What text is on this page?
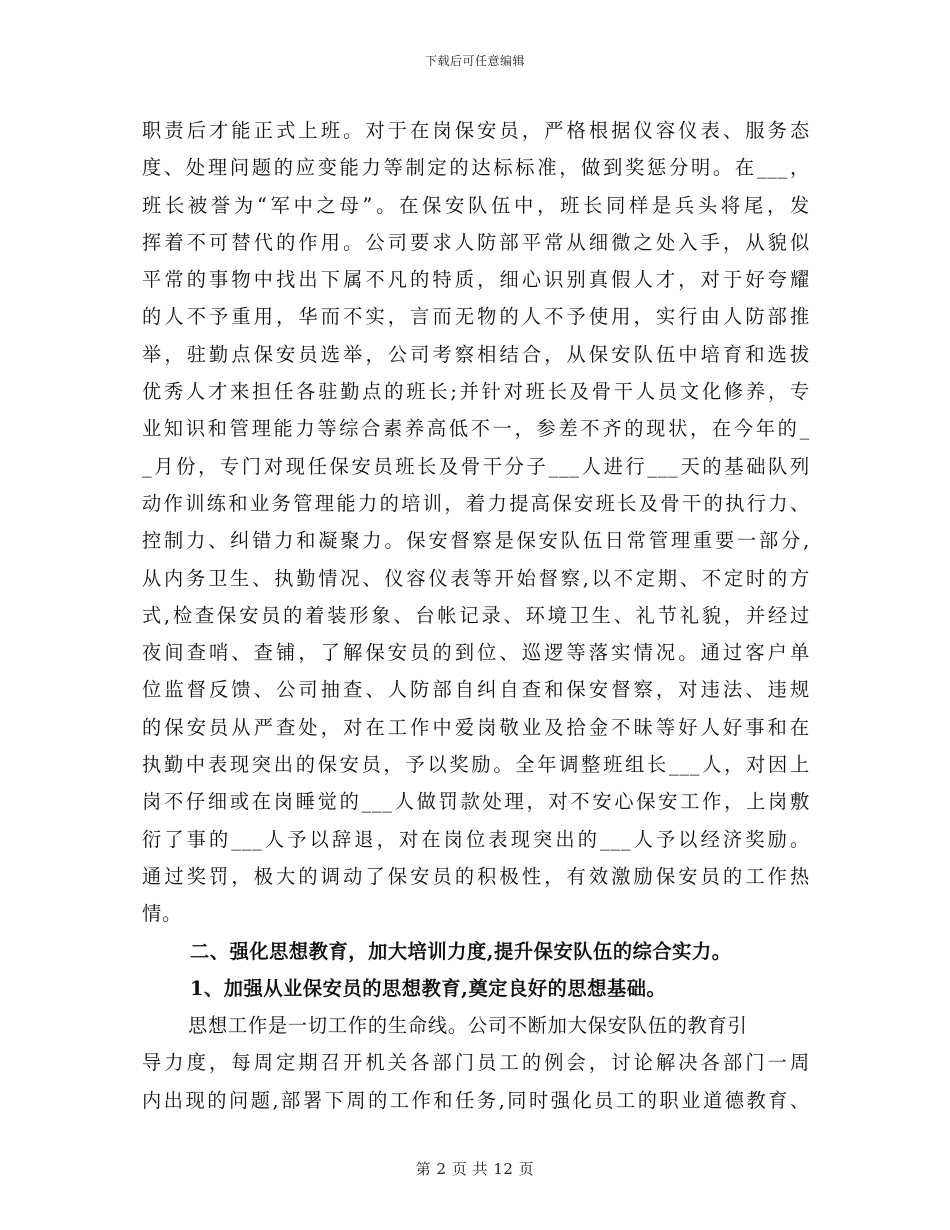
下载后可任意编辑
职责后才能正式上班。对于在岗保安员，严格根据仪容仪表、服务态
度、处理问题的应变能力等制定的达标标准，做到奖惩分明。在___，
班长被誉为“军中之母”。在保安队伍中，班长同样是兵头将尾，发
挥着不可替代的作用。公司要求人防部平常从细微之处入手，从貌似
平常的事物中找出下属不凡的特质，细心识别真假人才，对于好夸耀
的人不予重用，华而不实，言而无物的人不予使用，实行由人防部推
举，驻勤点保安员选举，公司考察相结合，从保安队伍中培育和选拔
优秀人才来担任各驻勤点的班长;并针对班长及骨干人员文化修养，专
业知识和管理能力等综合素养高低不一，参差不齐的现状，在今年的_
_月份，专门对现任保安员班长及骨干分子___人进行___天的基础队列
动作训练和业务管理能力的培训，着力提高保安班长及骨干的执行力、
控制力、纠错力和凝聚力。保安督察是保安队伍日常管理重要一部分,
从内务卫生、执勤情况、仪容仪表等开始督察,以不定期、不定时的方
式,检查保安员的着装形象、台帐记录、环境卫生、礼节礼貌，并经过
夜间查哨、查铺，了解保安员的到位、巡逻等落实情况。通过客户单
位监督反馈、公司抽查、人防部自纠自查和保安督察，对违法、违规
的保安员从严查处，对在工作中爱岗敬业及拾金不昧等好人好事和在
执勤中表现突出的保安员，予以奖励。全年调整班组长___人，对因上
岗不仔细或在岗睡觉的___人做罚款处理，对不安心保安工作，上岗敷
衍了事的___人予以辞退，对在岗位表现突出的___人予以经济奖励。
通过奖罚，极大的调动了保安员的积极性，有效激励保安员的工作热
情。
二、强化思想教育，加大培训力度,提升保安队伍的综合实力。
1、加强从业保安员的思想教育,奠定良好的思想基础。
思想工作是一切工作的生命线。公司不断加大保安队伍的教育引
导力度，每周定期召开机关各部门员工的例会，讨论解决各部门一周
内出现的问题,部署下周的工作和任务,同时强化员工的职业道德教育、
第 2 页 共 12 页
